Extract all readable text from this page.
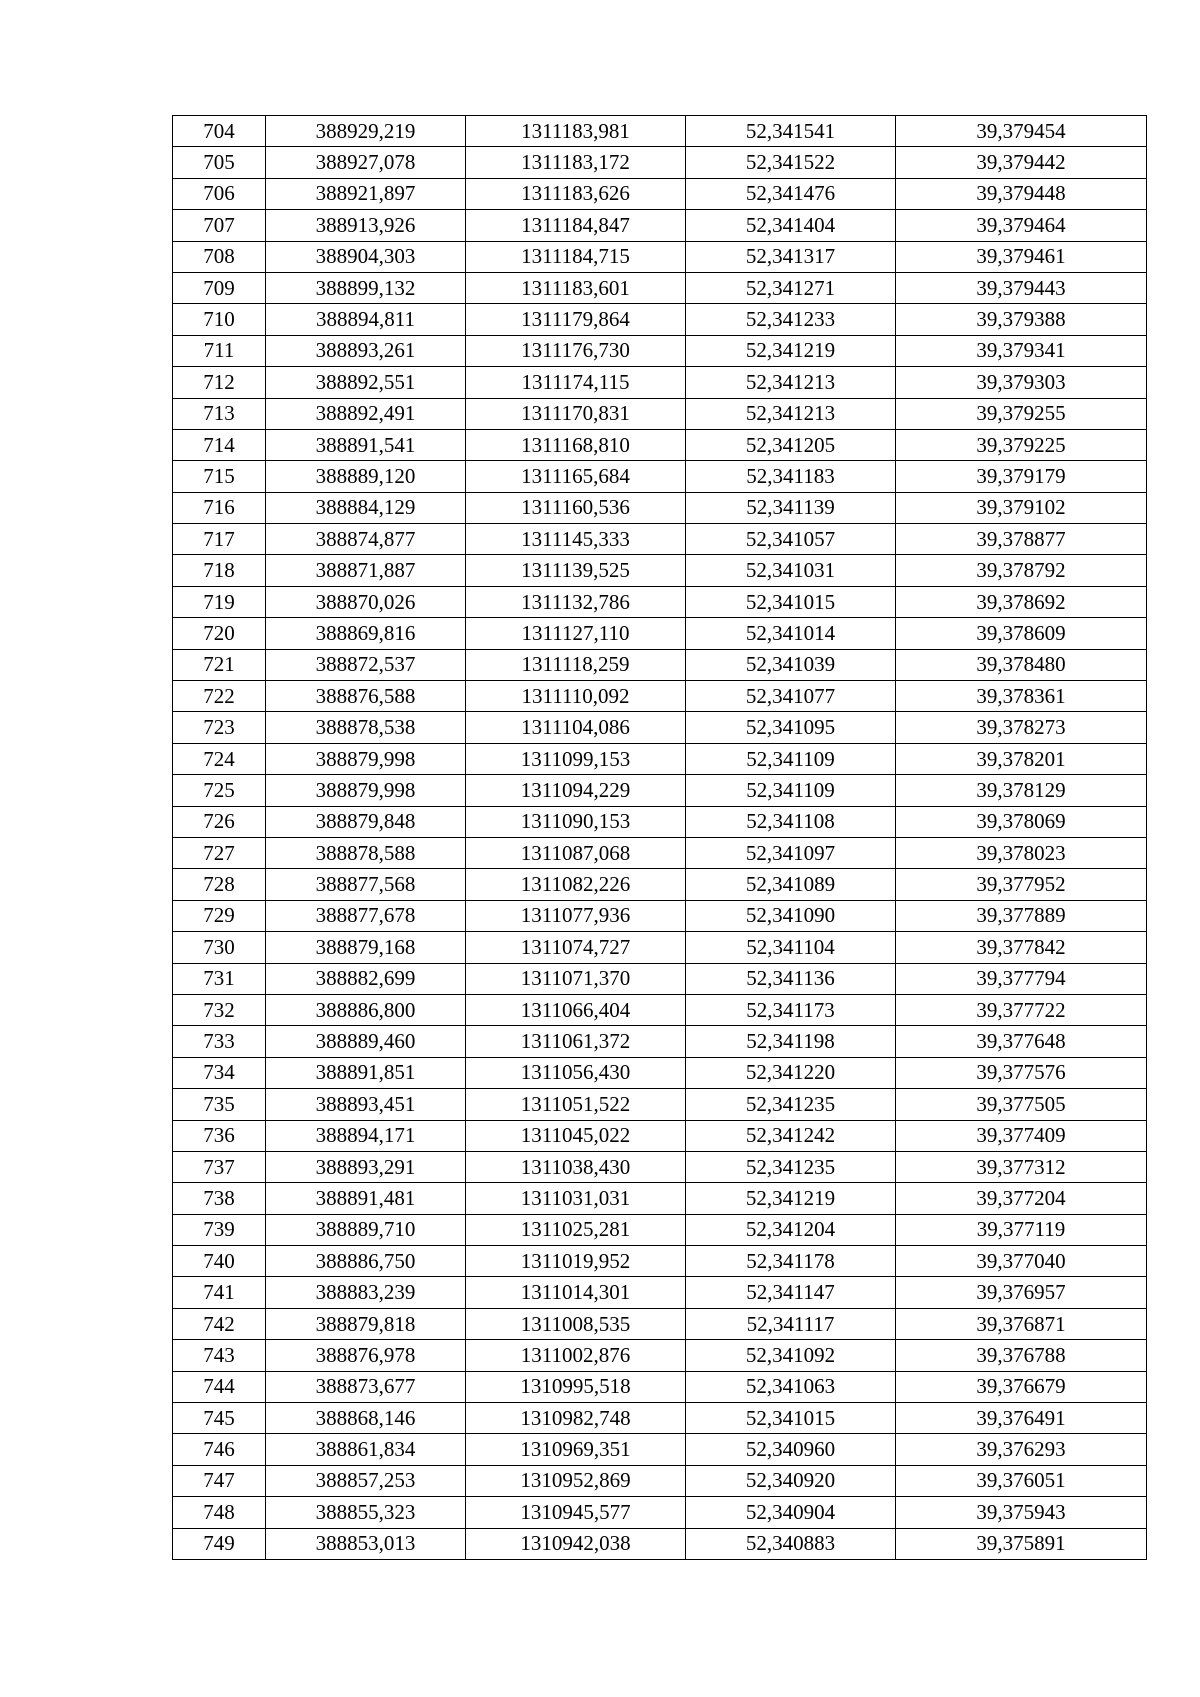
704	388929,219	1311183,981	52,341541	39,379454
705	388927,078	1311183,172	52,341522	39,379442
706	388921,897	1311183,626	52,341476	39,379448
707	388913,926	1311184,847	52,341404	39,379464
708	388904,303	1311184,715	52,341317	39,379461
709	388899,132	1311183,601	52,341271	39,379443
710	388894,811	1311179,864	52,341233	39,379388
711	388893,261	1311176,730	52,341219	39,379341
712	388892,551	1311174,115	52,341213	39,379303
713	388892,491	1311170,831	52,341213	39,379255
714	388891,541	1311168,810	52,341205	39,379225
715	388889,120	1311165,684	52,341183	39,379179
716	388884,129	1311160,536	52,341139	39,379102
717	388874,877	1311145,333	52,341057	39,378877
718	388871,887	1311139,525	52,341031	39,378792
719	388870,026	1311132,786	52,341015	39,378692
720	388869,816	1311127,110	52,341014	39,378609
721	388872,537	1311118,259	52,341039	39,378480
722	388876,588	1311110,092	52,341077	39,378361
723	388878,538	1311104,086	52,341095	39,378273
724	388879,998	1311099,153	52,341109	39,378201
725	388879,998	1311094,229	52,341109	39,378129
726	388879,848	1311090,153	52,341108	39,378069
727	388878,588	1311087,068	52,341097	39,378023
728	388877,568	1311082,226	52,341089	39,377952
729	388877,678	1311077,936	52,341090	39,377889
730	388879,168	1311074,727	52,341104	39,377842
731	388882,699	1311071,370	52,341136	39,377794
732	388886,800	1311066,404	52,341173	39,377722
733	388889,460	1311061,372	52,341198	39,377648
734	388891,851	1311056,430	52,341220	39,377576
735	388893,451	1311051,522	52,341235	39,377505
736	388894,171	1311045,022	52,341242	39,377409
737	388893,291	1311038,430	52,341235	39,377312
738	388891,481	1311031,031	52,341219	39,377204
739	388889,710	1311025,281	52,341204	39,377119
740	388886,750	1311019,952	52,341178	39,377040
741	388883,239	1311014,301	52,341147	39,376957
742	388879,818	1311008,535	52,341117	39,376871
743	388876,978	1311002,876	52,341092	39,376788
744	388873,677	1310995,518	52,341063	39,376679
745	388868,146	1310982,748	52,341015	39,376491
746	388861,834	1310969,351	52,340960	39,376293
747	388857,253	1310952,869	52,340920	39,376051
748	388855,323	1310945,577	52,340904	39,375943
749	388853,013	1310942,038	52,340883	39,375891
